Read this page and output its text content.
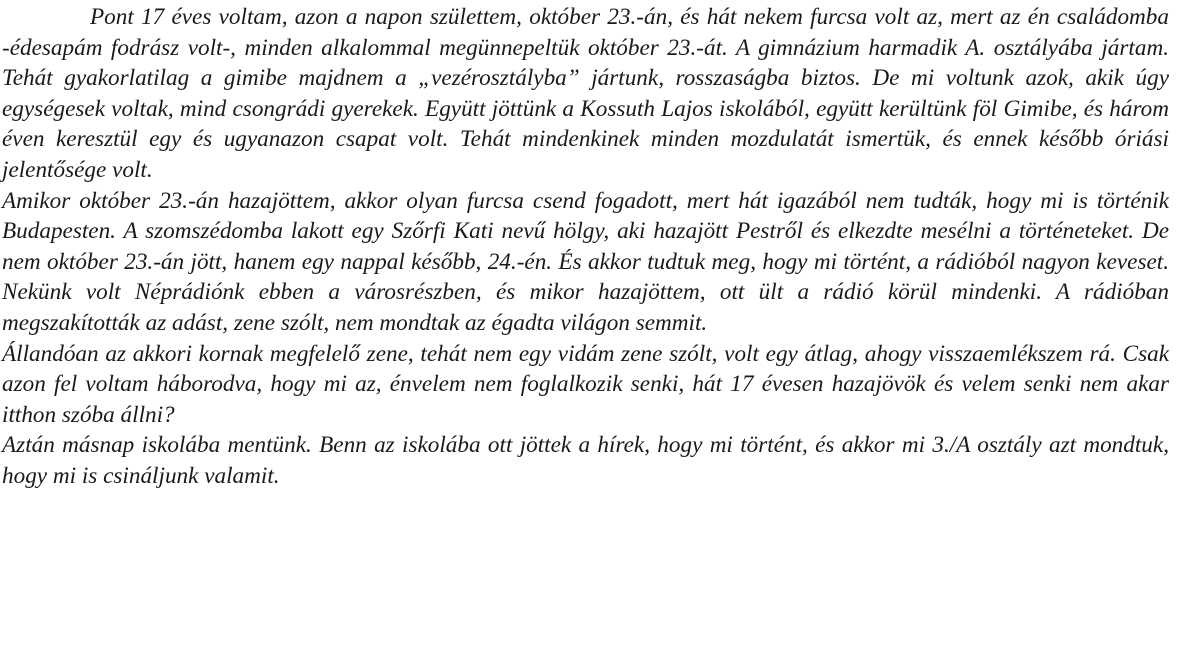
Pont 17 éves voltam, azon a napon születtem, október 23.-án, és hát nekem furcsa volt az, mert az én családomba -édesapám fodrász volt-, minden alkalommal megünnepeltük október 23.-át. A gimnázium harmadik A. osztályába jártam. Tehát gyakorlatilag a gimibe majdnem a „vezérosztályba” jártunk, rosszaságba biztos. De mi voltunk azok, akik úgy egységesek voltak, mind csongrádi gyerekek. Együtt jöttünk a Kossuth Lajos iskolából, együtt kerültünk föl Gimibe, és három éven keresztül egy és ugyanazon csapat volt. Tehát mindenkinek minden mozdulatát ismertük, és ennek később óriási jelentősége volt.

Amikor október 23.-án hazajöttem, akkor olyan furcsa csend fogadott, mert hát igazából nem tudták, hogy mi is történik Budapesten. A szomszédomba lakott egy Szőrfi Kati nevű hölgy, aki hazajött Pestről és elkezdte mesélni a történeteket. De nem október 23.-án jött, hanem egy nappal később, 24.-én. És akkor tudtuk meg, hogy mi történt, a rádióból nagyon keveset. Nekünk volt Néprádiónk ebben a városrészben, és mikor hazajöttem, ott ült a rádió körül mindenki. A rádióban megszakították az adást, zene szólt, nem mondtak az égadta világon semmit.

Állandóan az akkori kornak megfelelő zene, tehát nem egy vidám zene szólt, volt egy átlag, ahogy visszaemlékszem rá. Csak azon fel voltam háborodva, hogy mi az, énvelem nem foglalkozik senki, hát 17 évesen hazajövök és velem senki nem akar itthon szóba állni?

Aztán másnap iskolába mentünk. Benn az iskolába ott jöttek a hírek, hogy mi történt, és akkor mi 3./A osztály azt mondtuk, hogy mi is csináljunk valamit.
